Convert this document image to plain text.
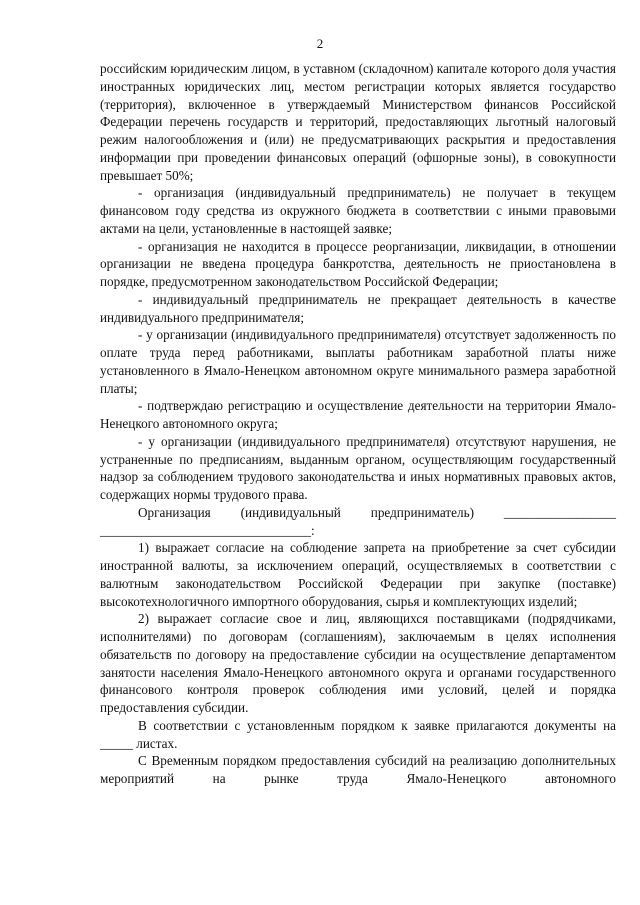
2

российским юридическим лицом, в уставном (складочном) капитале которого доля участия иностранных юридических лиц, местом регистрации которых является государство (территория), включенное в утверждаемый Министерством финансов Российской Федерации перечень государств и территорий, предоставляющих льготный налоговый режим налогообложения и (или) не предусматривающих раскрытия и предоставления информации при проведении финансовых операций (офшорные зоны), в совокупности превышает 50%;

- организация (индивидуальный предприниматель) не получает в текущем финансовом году средства из окружного бюджета в соответствии с иными правовыми актами на цели, установленные в настоящей заявке;

- организация не находится в процессе реорганизации, ликвидации, в отношении организации не введена процедура банкротства, деятельность не приостановлена в порядке, предусмотренном законодательством Российской Федерации;

- индивидуальный предприниматель не прекращает деятельность в качестве индивидуального предпринимателя;

- у организации (индивидуального предпринимателя) отсутствует задолженность по оплате труда перед работниками, выплаты работникам заработной платы ниже установленного в Ямало-Ненецком автономном округе минимального размера заработной платы;

- подтверждаю регистрацию и осуществление деятельности на территории Ямало-Ненецкого автономного округа;

- у организации (индивидуального предпринимателя) отсутствуют нарушения, не устраненные по предписаниям, выданным органом, осуществляющим государственный надзор за соблюдением трудового законодательства и иных нормативных правовых актов, содержащих нормы трудового права.

Организация (индивидуальный предприниматель) _________________ ________________________________:

1) выражает согласие на соблюдение запрета на приобретение за счет субсидии иностранной валюты, за исключением операций, осуществляемых в соответствии с валютным законодательством Российской Федерации при закупке (поставке) высокотехнологичного импортного оборудования, сырья и комплектующих изделий;

2) выражает согласие свое и лиц, являющихся поставщиками (подрядчиками, исполнителями) по договорам (соглашениям), заключаемым в целях исполнения обязательств по договору на предоставление субсидии на осуществление департаментом занятости населения Ямало-Ненецкого автономного округа и органами государственного финансового контроля проверок соблюдения ими условий, целей и порядка предоставления субсидии.

В соответствии с установленным порядком к заявке прилагаются документы на _____ листах.

С Временным порядком предоставления субсидий на реализацию дополнительных мероприятий на рынке труда Ямало-Ненецкого автономного
